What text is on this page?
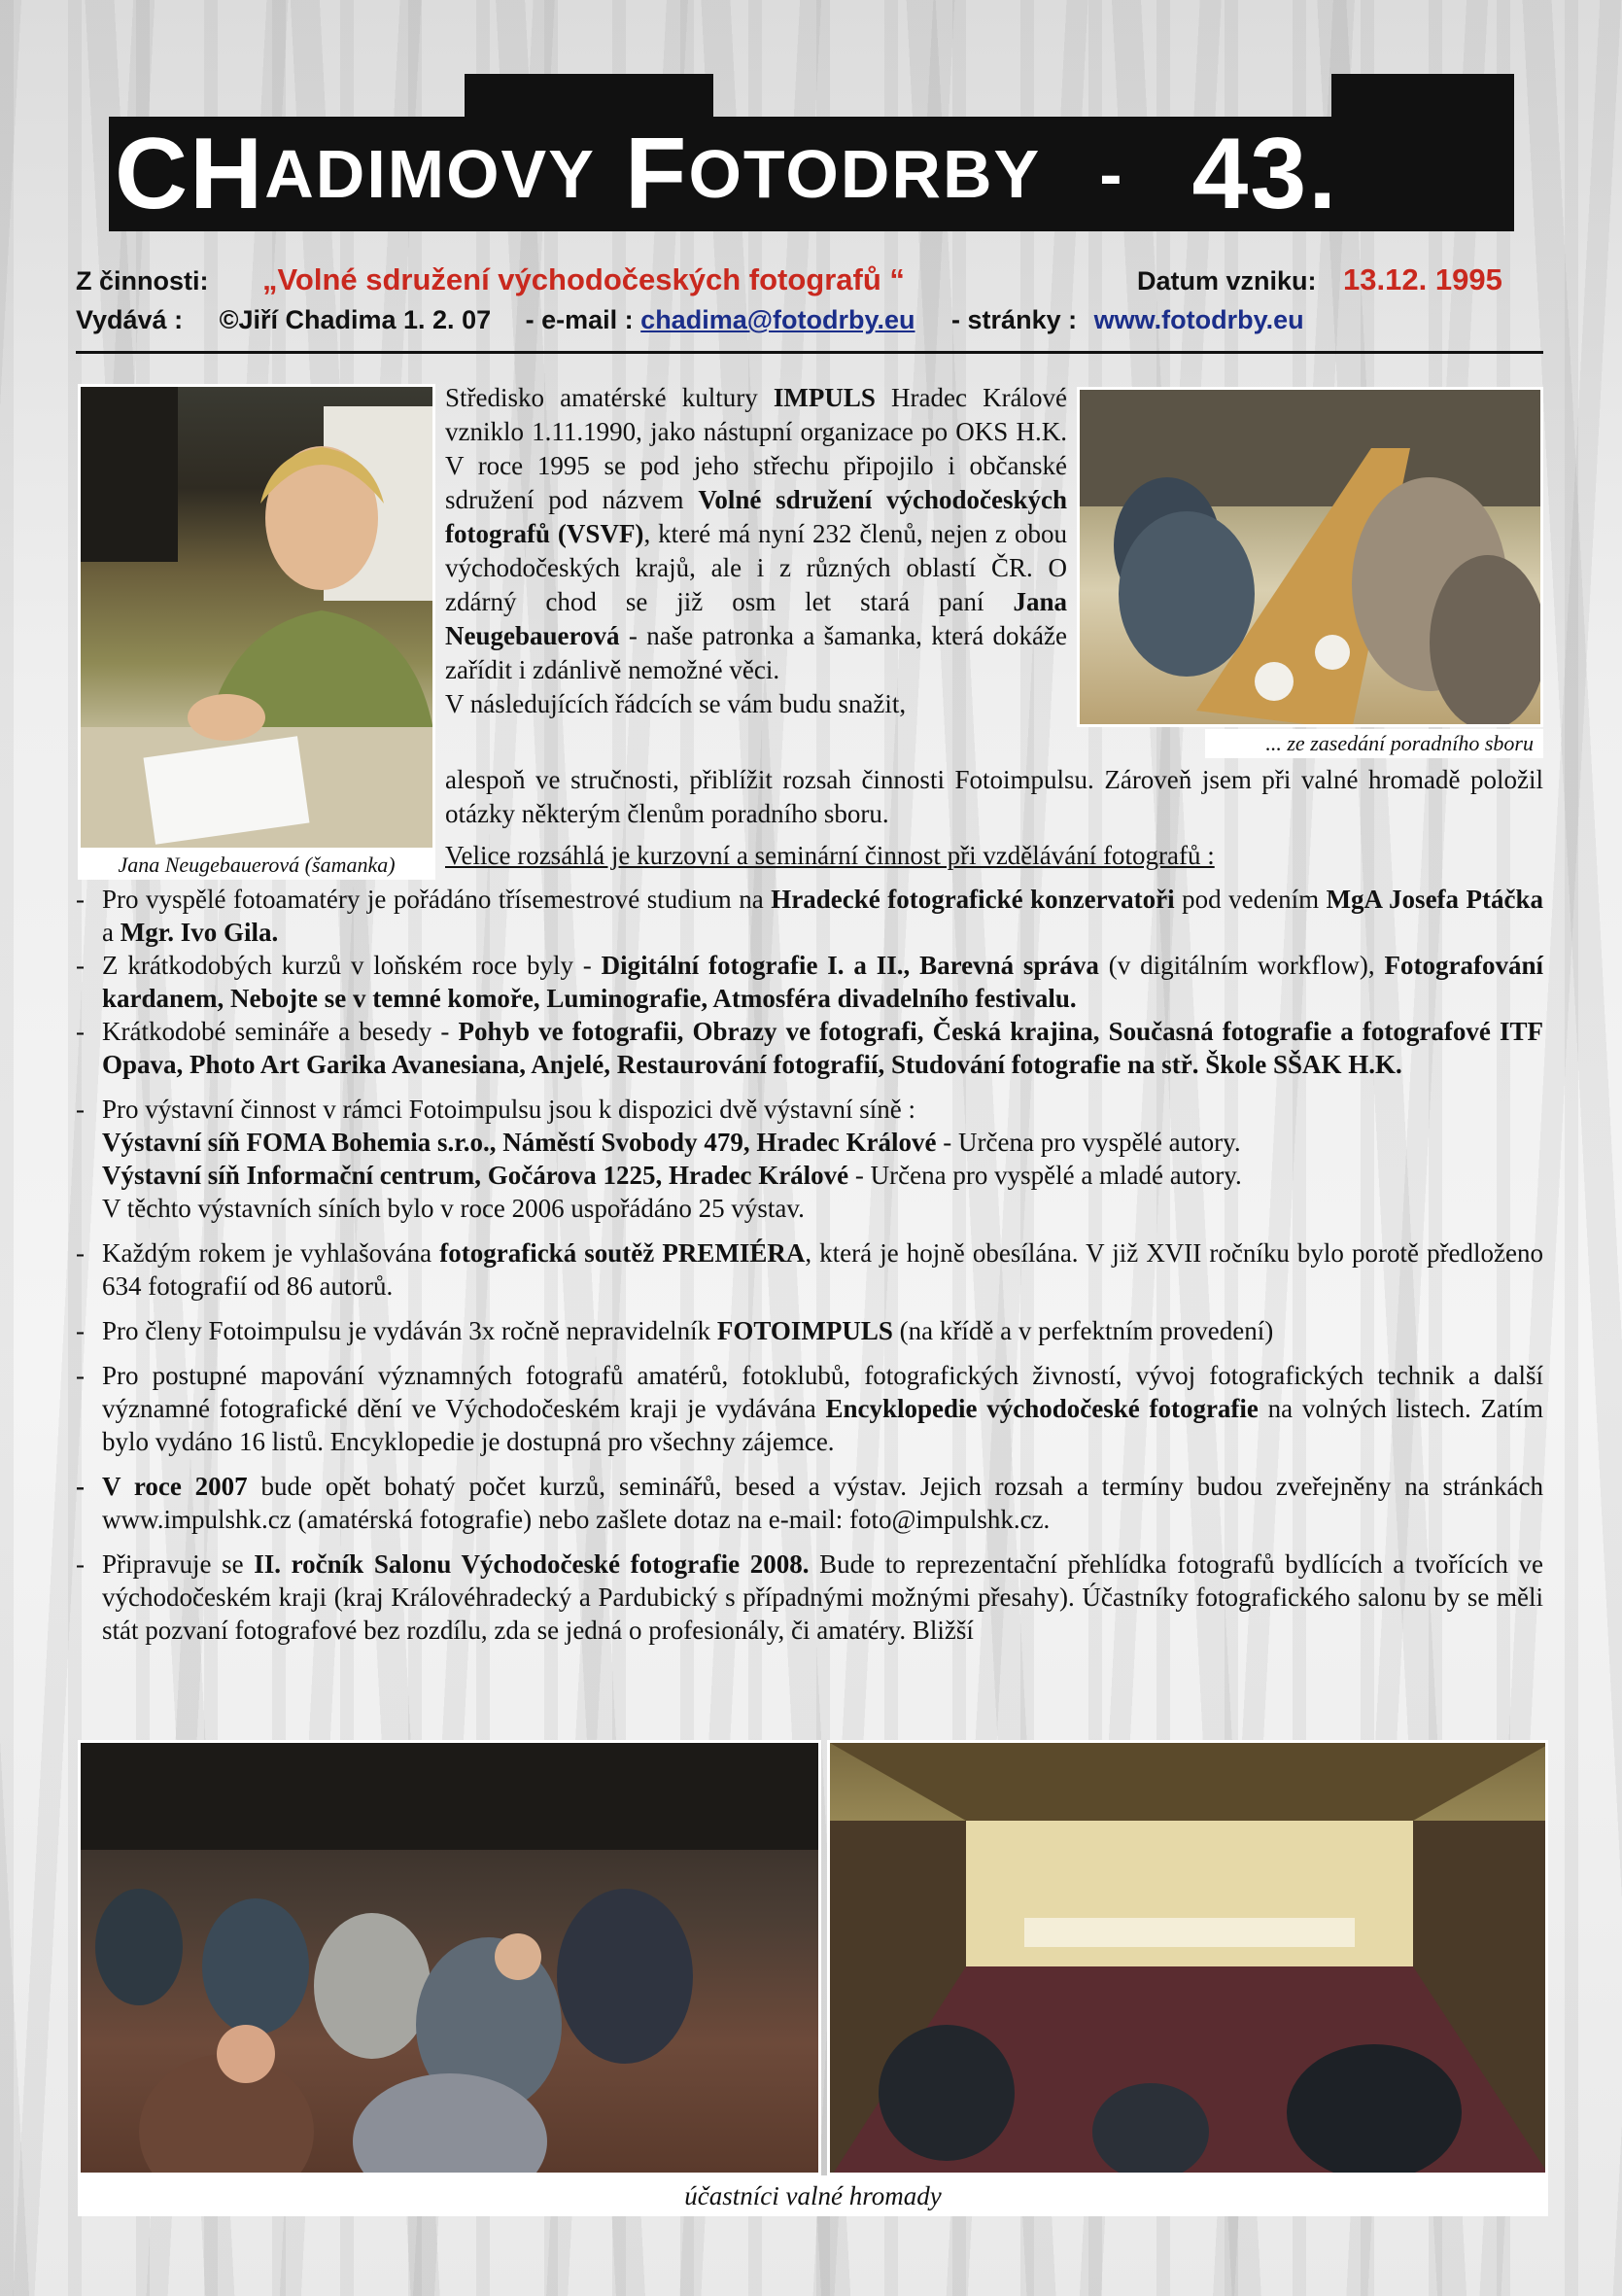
CH ADIMOVY F OTODRBY - 43.
Z činnosti: „Volné sdružení východočeských fotografů “	Datum vzniku: 13.12. 1995
Vydává : ©Jiří Chadima 1. 2. 07 - e-mail : chadima@fotodrby.eu - stránky : www.fotodrby.eu
Jana Neugebauerová (šamanka)
... ze zasedání poradního sboru
Středisko amatérské kultury IMPULS Hradec Králové vzniklo 1.11.1990, jako nástupní organizace po OKS H.K. V roce 1995 se pod jeho střechu připojilo i občanské sdružení pod názvem Volné sdružení východočeských fotografů (VSVF), které má nyní 232 členů, nejen z obou východočeských krajů, ale i z různých oblastí ČR. O zdárný chod se již osm let stará paní Jana Neugebauerová - naše patronka a šamanka, která dokáže zařídit i zdánlivě nemožné věci.
V následujících řádcích se vám budu snažit,
alespoň ve stručnosti, přiblížit rozsah činnosti Fotoimpulsu. Zároveň jsem při valné hromadě položil otázky některým členům poradního sboru.
Velice rozsáhlá je kurzovní a seminární činnost při vzdělávání fotografů :

- Pro vyspělé fotoamatéry je pořádáno třísemestrové studium na Hradecké fotografické konzervatoři pod vedením MgA Josefa Ptáčka a Mgr. Ivo Gila.

- Z krátkodobých kurzů v loňském roce byly - Digitální fotografie I. a II., Barevná správa (v digitálním workflow), Fotografování kardanem, Nebojte se v temné komoře, Luminografie, Atmosféra divadelního festivalu.

- Krátkodobé semináře a besedy - Pohyb ve fotografii, Obrazy ve fotografi, Česká krajina, Současná fotografie a fotografové ITF Opava, Photo Art Garika Avanesiana, Anjelé, Restaurování fotografií, Studování fotografie na stř. Škole SŠAK H.K.

- Pro výstavní činnost v rámci Fotoimpulsu jsou k dispozici dvě výstavní síně :
Výstavní síň FOMA Bohemia s.r.o., Náměstí Svobody 479, Hradec Králové - Určena pro vyspělé autory.
Výstavní síň Informační centrum, Gočárova 1225, Hradec Králové - Určena pro vyspělé a mladé autory.
V těchto výstavních síních bylo v roce 2006 uspořádáno 25 výstav.

- Každým rokem je vyhlašována fotografická soutěž PREMIÉRA, která je hojně obesílána. V již XVII ročníku bylo porotě předloženo 634 fotografií od 86 autorů.

- Pro členy Fotoimpulsu je vydáván 3x ročně nepravidelník FOTOIMPULS (na křídě a v perfektním provedení)

- Pro postupné mapování významných fotografů amatérů, fotoklubů, fotografických živností, vývoj fotografických technik a další významné fotografické dění ve Východočeském kraji je vydávána Encyklopedie východočeské fotografie na volných listech. Zatím bylo vydáno 16 listů. Encyklopedie je dostupná pro všechny zájemce.

- V roce 2007 bude opět bohatý počet kurzů, seminářů, besed a výstav. Jejich rozsah a termíny budou zveřejněny na stránkách www.impulshk.cz (amatérská fotografie) nebo zašlete dotaz na e-mail: foto@impulshk.cz.

- Připravuje se II. ročník Salonu Východočeské fotografie 2008. Bude to reprezentační přehlídka fotografů bydlících a tvořících ve východočeském kraji (kraj Královéhradecký a Pardubický s případnými možnými přesahy). Účastníky fotografického salonu by se měli stát pozvaní fotografové bez rozdílu, zda se jedná o profesionály, či amatéry. Bližší

účastníci valné hromady
